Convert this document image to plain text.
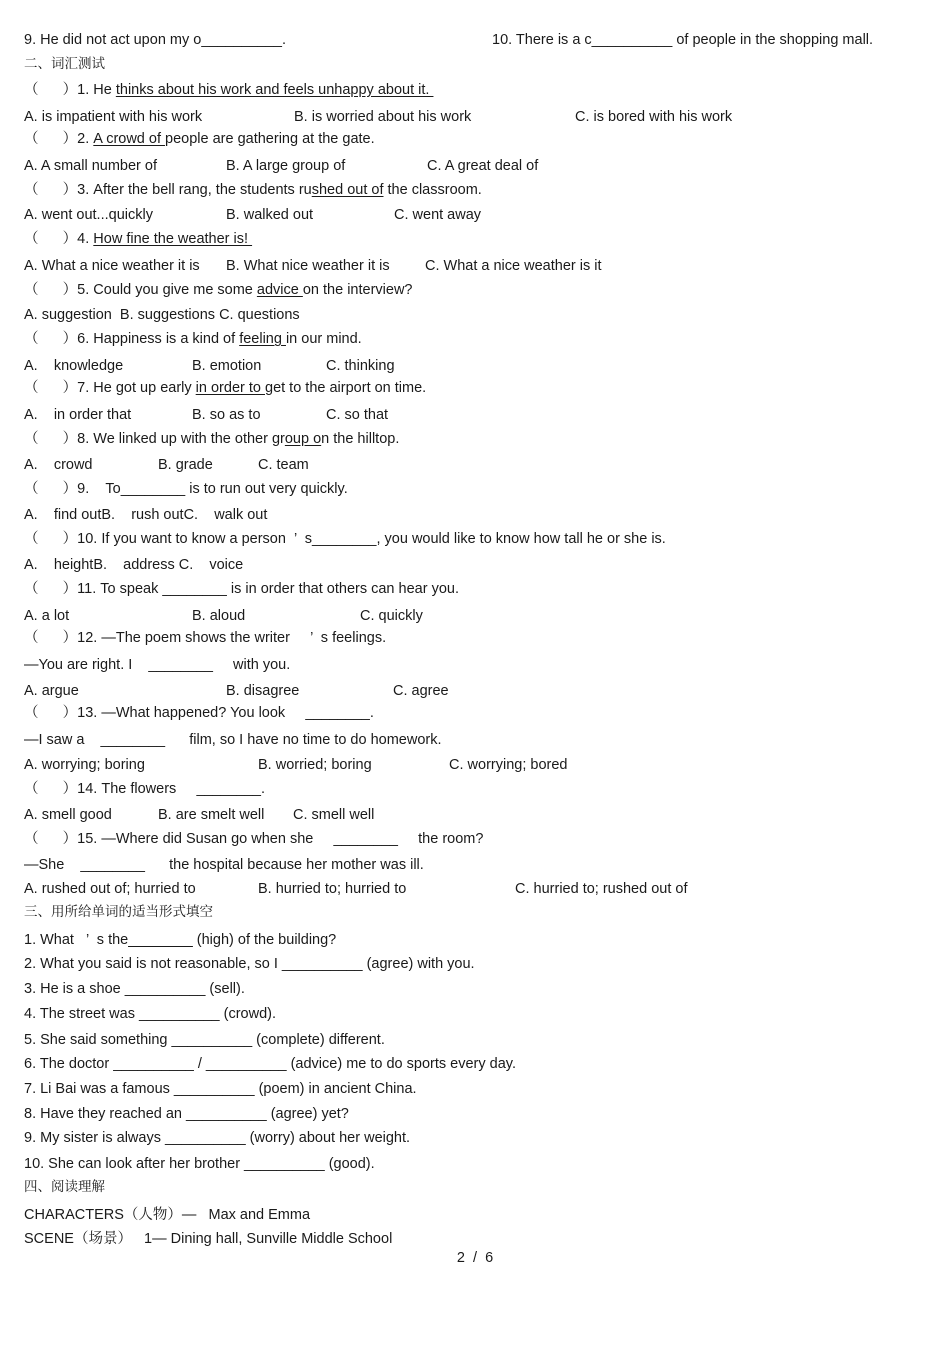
9. He did not act upon my o__________.	10. There is a c__________ of people in the shopping mall.
二、词汇测试
（      ）1. He thinks about his work and feels unhappy about it.
A. is impatient with his work	B. is worried about his work	C. is bored with his work
（      ）2. A crowd of people are gathering at the gate.
A. A small number of	B. A large group of	C. A great deal of
（      ）3. After the bell rang, the students rushed out of the classroom.
A. went out...quickly	B. walked out	C. went away
（      ）4. How fine the weather is!
A. What a nice weather it is B. What nice weather it is C. What a nice weather is it
（      ）5. Could you give me some advice on the interview?
A. suggestion  B. suggestions C. questions
（      ）6. Happiness is a kind of feeling in our mind.
A.    knowledge	B. emotion	C. thinking
（      ）7. He got up early in order to get to the airport on time.
A.    in order that	B. so as to	C. so that
（      ）8. We linked up with the other group on the hilltop.
A.    crowd	B. grade	C. team
（      ）9.    To________ is to run out very quickly.
A.    find outB.    rush outC.    walk out
（      ）10. If you want to know a person  ’  s________, you would like to know how tall he or she is.
A.    heightB.    address C.    voice
（      ）11. To speak ________ is in order that others can hear you.
A. a lot	B. aloud	C. quickly
（      ）12. —The poem shows the writer     ’  s feelings.
—You are right. I    ________     with you.
A. argue	B. disagree	C. agree
（      ）13. —What happened? You look     ________.
—I saw a    ________      film, so I have no time to do homework.
A. worrying; boring	B. worried; boring	C. worrying; bored
（      ）14. The flowers     ________.
A. smell good	B. are smelt well C. smell well
（      ）15. —Where did Susan go when she     ________     the room?
—She    ________      the hospital because her mother was ill.
A. rushed out of; hurried to	B. hurried to; hurried to	C. hurried to; rushed out of
三、用所给单词的适当形式填空
1. What   ’  s the________ (high) of the building?
2. What you said is not reasonable, so I __________ (agree) with you.
3. He is a shoe __________ (sell).
4. The street was __________ (crowd).
5. She said something __________ (complete) different.
6. The doctor __________ / __________ (advice) me to do sports every day.
7. Li Bai was a famous __________ (poem) in ancient China.
8. Have they reached an __________ (agree) yet?
9. My sister is always __________ (worry) about her weight.
10. She can look after her brother __________ (good).
四、阅读理解
CHARACTERS（人物）—   Max and Emma
SCENE（场景）   1— Dining hall, Sunville Middle School
2  /  6
